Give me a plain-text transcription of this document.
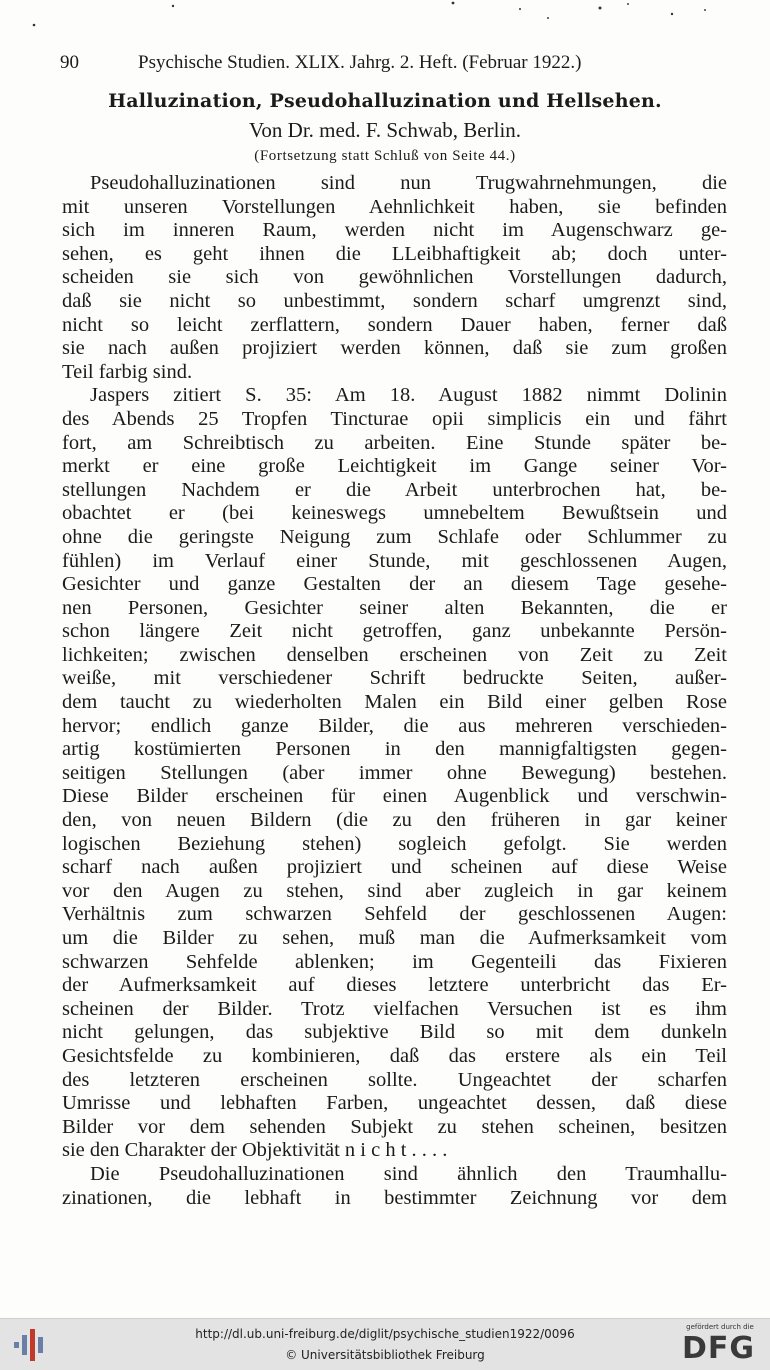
90	Psychische Studien. XLIX. Jahrg. 2. Heft. (Februar 1922.)
Halluzination, Pseudohalluzination und Hellsehen.
Von Dr. med. F. Schwab, Berlin.
(Fortsetzung statt Schluß von Seite 44.)
Pseudohalluzinationen sind nun Trugwahrnehmungen, die
mit unseren Vorstellungen Aehnlichkeit haben, sie befinden
sich im inneren Raum, werden nicht im Augenschwarz ge-
sehen, es geht ihnen die LLeibhaftigkeit ab; doch unter-
scheiden sie sich von gewöhnlichen Vorstellungen dadurch,
daß sie nicht so unbestimmt, sondern scharf umgrenzt sind,
nicht so leicht zerflattern, sondern Dauer haben, ferner daß
sie nach außen projiziert werden können, daß sie zum großen
Teil farbig sind.
Jaspers zitiert S. 35: Am 18. August 1882 nimmt Dolinin
des Abends 25 Tropfen Tincturae opii simplicis ein und fährt
fort, am Schreibtisch zu arbeiten. Eine Stunde später be-
merkt er eine große Leichtigkeit im Gange seiner Vor-
stellungen Nachdem er die Arbeit unterbrochen hat, be-
obachtet er (bei keineswegs umnebeltem Bewußtsein und
ohne die geringste Neigung zum Schlafe oder Schlummer zu
fühlen) im Verlauf einer Stunde, mit geschlossenen Augen,
Gesichter und ganze Gestalten der an diesem Tage gesehe-
nen Personen, Gesichter seiner alten Bekannten, die er
schon längere Zeit nicht getroffen, ganz unbekannte Persön-
lichkeiten; zwischen denselben erscheinen von Zeit zu Zeit
weiße, mit verschiedener Schrift bedruckte Seiten, außer-
dem taucht zu wiederholten Malen ein Bild einer gelben Rose
hervor; endlich ganze Bilder, die aus mehreren verschieden-
artig kostümierten Personen in den mannigfaltigsten gegen-
seitigen Stellungen (aber immer ohne Bewegung) bestehen.
Diese Bilder erscheinen für einen Augenblick und verschwin-
den, von neuen Bildern (die zu den früheren in gar keiner
logischen Beziehung stehen) sogleich gefolgt. Sie werden
scharf nach außen projiziert und scheinen auf diese Weise
vor den Augen zu stehen, sind aber zugleich in gar keinem
Verhältnis zum schwarzen Sehfeld der geschlossenen Augen:
um die Bilder zu sehen, muß man die Aufmerksamkeit vom
schwarzen Sehfelde ablenken; im Gegenteili das Fixieren
der Aufmerksamkeit auf dieses letztere unterbricht das Er-
scheinen der Bilder. Trotz vielfachen Versuchen ist es ihm
nicht gelungen, das subjektive Bild so mit dem dunkeln
Gesichtsfelde zu kombinieren, daß das erstere als ein Teil
des letzteren erscheinen sollte. Ungeachtet der scharfen
Umrisse und lebhaften Farben, ungeachtet dessen, daß diese
Bilder vor dem sehenden Subjekt zu stehen scheinen, besitzen
sie den Charakter der Objektivität n i c h t . . . .
Die Pseudohalluzinationen sind ähnlich den Traumhallu-
zinationen, die lebhaft in bestimmter Zeichnung vor dem
http://dl.ub.uni-freiburg.de/diglit/psychische_studien1922/0096
© Universitätsbibliothek Freiburg
gefördert durch die
DFG
